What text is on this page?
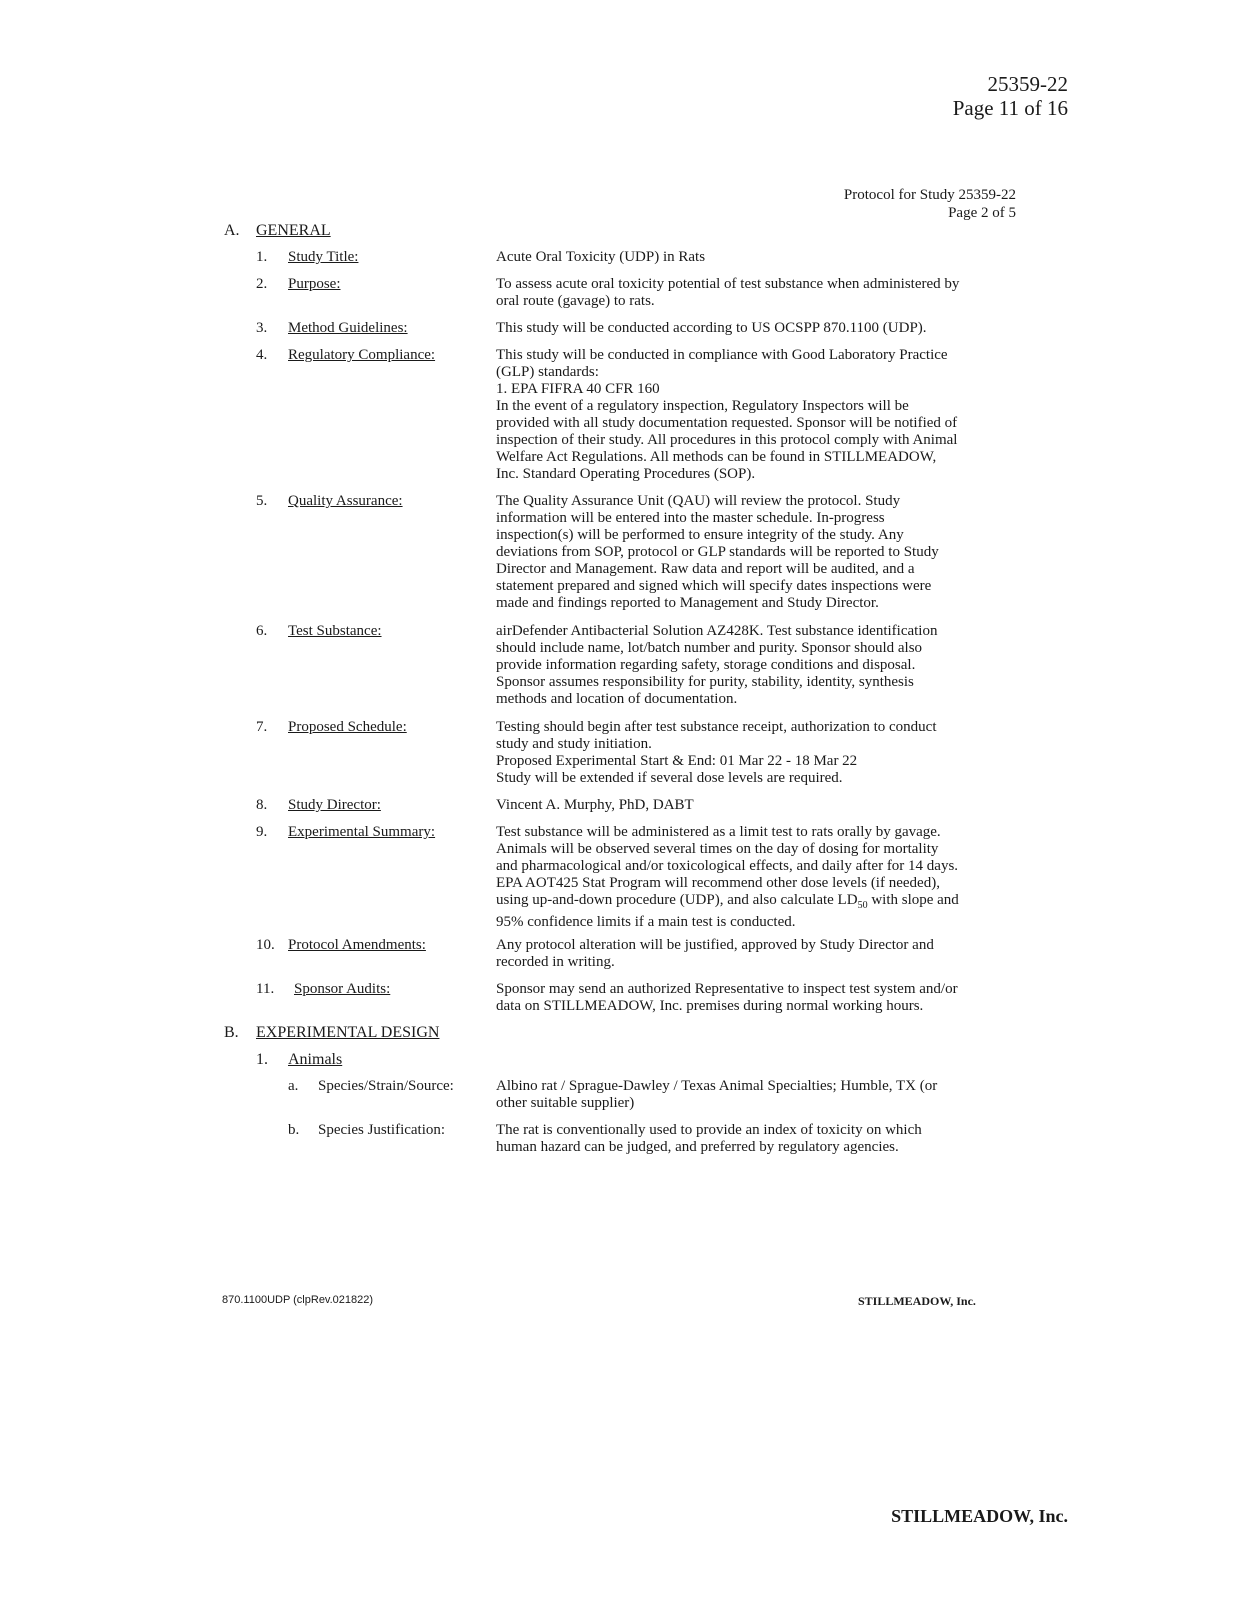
25359-22
Page 11 of 16
Protocol for Study 25359-22
Page 2 of 5
A. GENERAL
1. Study Title:	Acute Oral Toxicity (UDP) in Rats
2. Purpose:	To assess acute oral toxicity potential of test substance when administered by
oral route (gavage) to rats.
3. Method Guidelines:	This study will be conducted according to US OCSPP 870.1100 (UDP).
4. Regulatory Compliance:	This study will be conducted in compliance with Good Laboratory Practice
(GLP) standards:
1. EPA FIFRA 40 CFR 160
In the event of a regulatory inspection, Regulatory Inspectors will be
provided with all study documentation requested. Sponsor will be notified of
inspection of their study. All procedures in this protocol comply with Animal
Welfare Act Regulations. All methods can be found in STILLMEADOW,
Inc. Standard Operating Procedures (SOP).
5. Quality Assurance:	The Quality Assurance Unit (QAU) will review the protocol. Study
information will be entered into the master schedule. In-progress
inspection(s) will be performed to ensure integrity of the study. Any
deviations from SOP, protocol or GLP standards will be reported to Study
Director and Management. Raw data and report will be audited, and a
statement prepared and signed which will specify dates inspections were
made and findings reported to Management and Study Director.
6. Test Substance:	airDefender Antibacterial Solution AZ428K. Test substance identification
should include name, lot/batch number and purity. Sponsor should also
provide information regarding safety, storage conditions and disposal.
Sponsor assumes responsibility for purity, stability, identity, synthesis
methods and location of documentation.
7. Proposed Schedule:	Testing should begin after test substance receipt, authorization to conduct
study and study initiation.
Proposed Experimental Start & End: 01 Mar 22 - 18 Mar 22
Study will be extended if several dose levels are required.
8. Study Director:	Vincent A. Murphy, PhD, DABT
9. Experimental Summary:	Test substance will be administered as a limit test to rats orally by gavage.
Animals will be observed several times on the day of dosing for mortality
and pharmacological and/or toxicological effects, and daily after for 14 days.
EPA AOT425 Stat Program will recommend other dose levels (if needed),
using up-and-down procedure (UDP), and also calculate $LD_{50}$ with slope and
95% confidence limits if a main test is conducted.
10. Protocol Amendments:	Any protocol alteration will be justified, approved by Study Director and
recorded in writing.
11. Sponsor Audits:	Sponsor may send an authorized Representative to inspect test system and/or
data on STILLMEADOW, Inc. premises during normal working hours.
B. EXPERIMENTAL DESIGN
1. Animals
a. Species/Strain/Source:	Albino rat / Sprague-Dawley / Texas Animal Specialties; Humble, TX (or
other suitable supplier)
b. Species Justification:	The rat is conventionally used to provide an index of toxicity on which
human hazard can be judged, and preferred by regulatory agencies.
870.1100UDP (clpRev.021822)	STILLMEADOW, Inc.
STILLMEADOW, Inc.
